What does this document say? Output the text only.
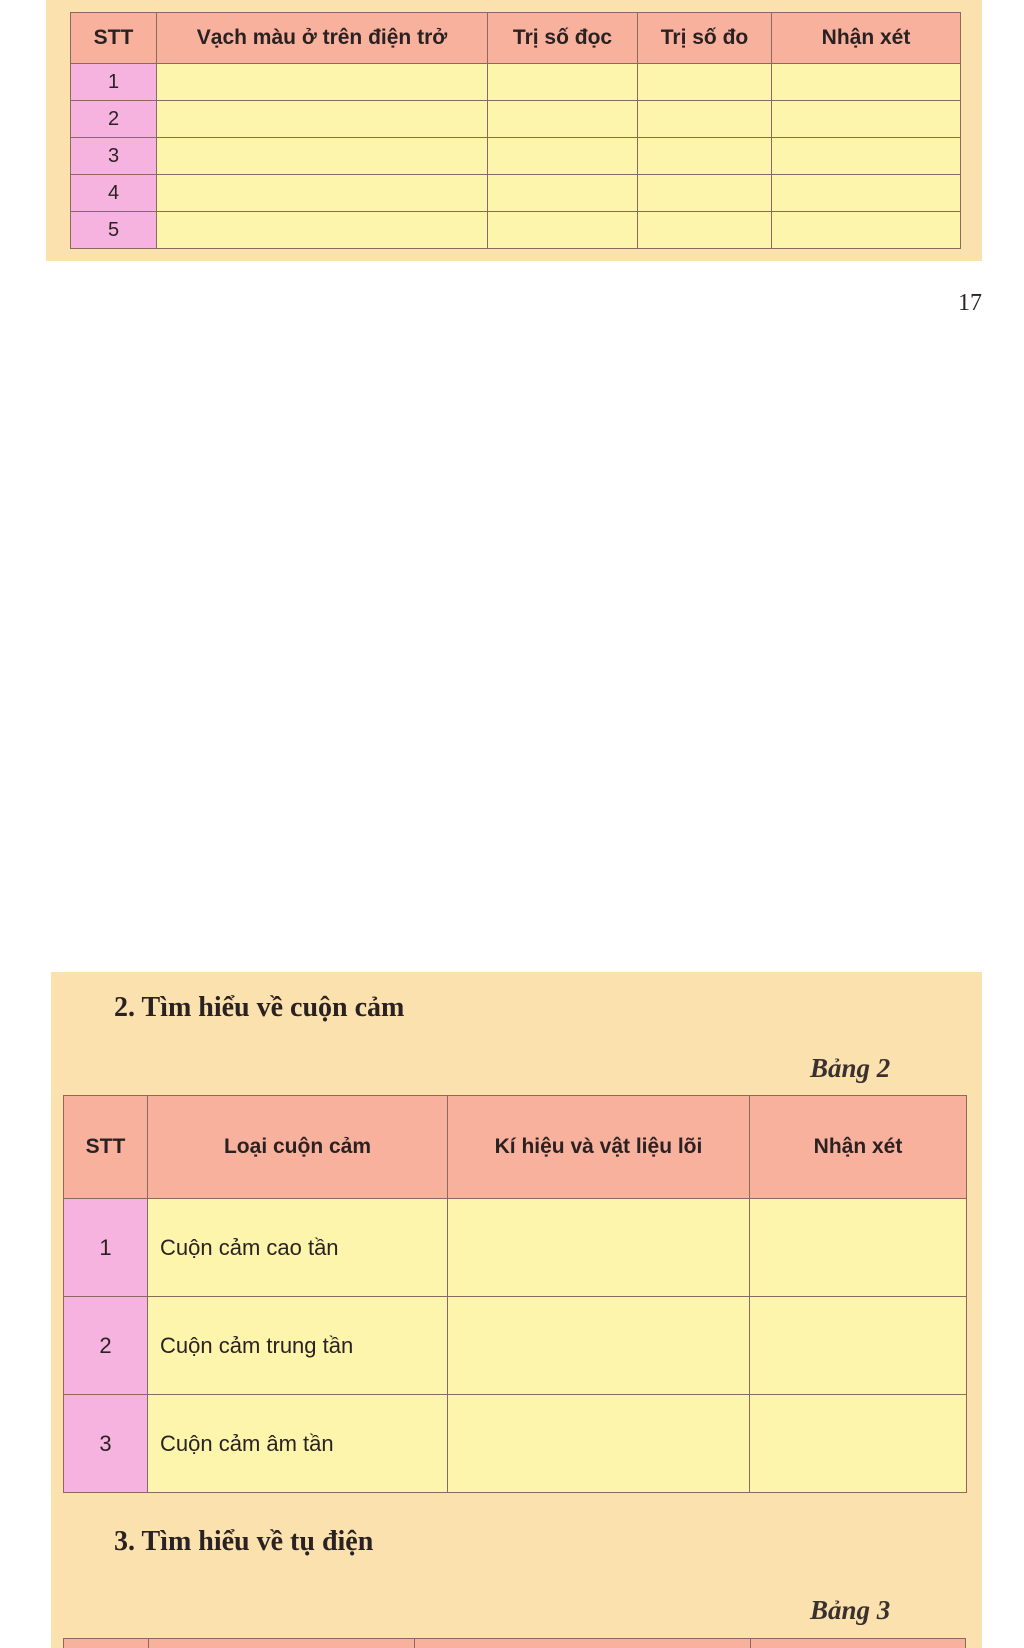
STT	Vạch màu ở trên điện trở	Trị số đọc	Trị số đo	Nhận xét
1				
2				
3				
4				
5				
17
2. Tìm hiểu về cuộn cảm
Bảng 2
STT	Loại cuộn cảm	Kí hiệu và vật liệu lõi	Nhận xét
1	Cuộn cảm cao tần		
2	Cuộn cảm trung tần		
3	Cuộn cảm âm tần		
3. Tìm hiểu về tụ điện
Bảng 3
